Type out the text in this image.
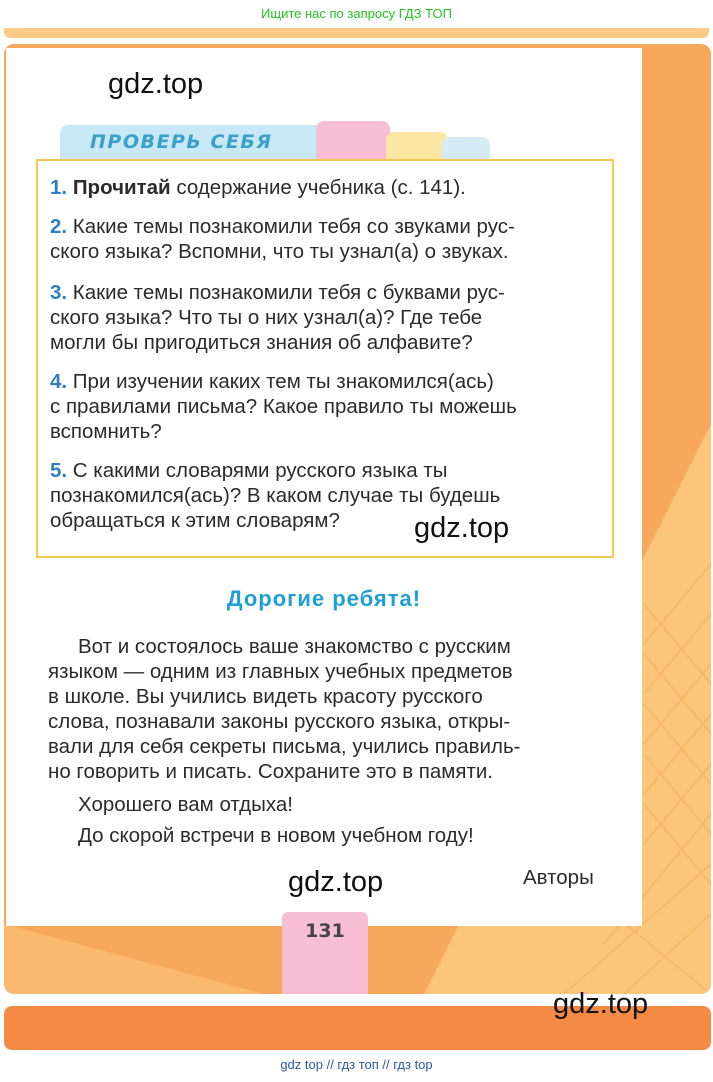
Ищите нас по запросу ГДЗ ТОП
ПРОВЕРЬ СЕБЯ
1. Прочитай содержание учебника (с. 141).
2. Какие темы познакомили тебя со звуками рус-
ского языка? Вспомни, что ты узнал(а) о звуках.
3. Какие темы познакомили тебя с буквами рус-
ского языка? Что ты о них узнал(а)? Где тебе
могли бы пригодиться знания об алфавите?
4. При изучении каких тем ты знакомился(ась)
с правилами письма? Какое правило ты можешь
вспомнить?
5. С какими словарями русского языка ты
познакомился(ась)? В каком случае ты будешь
обращаться к этим словарям?
Дорогие ребята!
Вот и состоялось ваше знакомство с русским
языком — одним из главных учебных предметов
в школе. Вы учились видеть красоту русского
слова, познавали законы русского языка, откры-
вали для себя секреты письма, учились правиль-
но говорить и писать. Сохраните это в памяти.
Хорошего вам отдыха!
До скорой встречи в новом учебном году!
Авторы
gdz.top
gdz.top
gdz.top
131
gdz.top
gdz top // гдз топ // гдз top
